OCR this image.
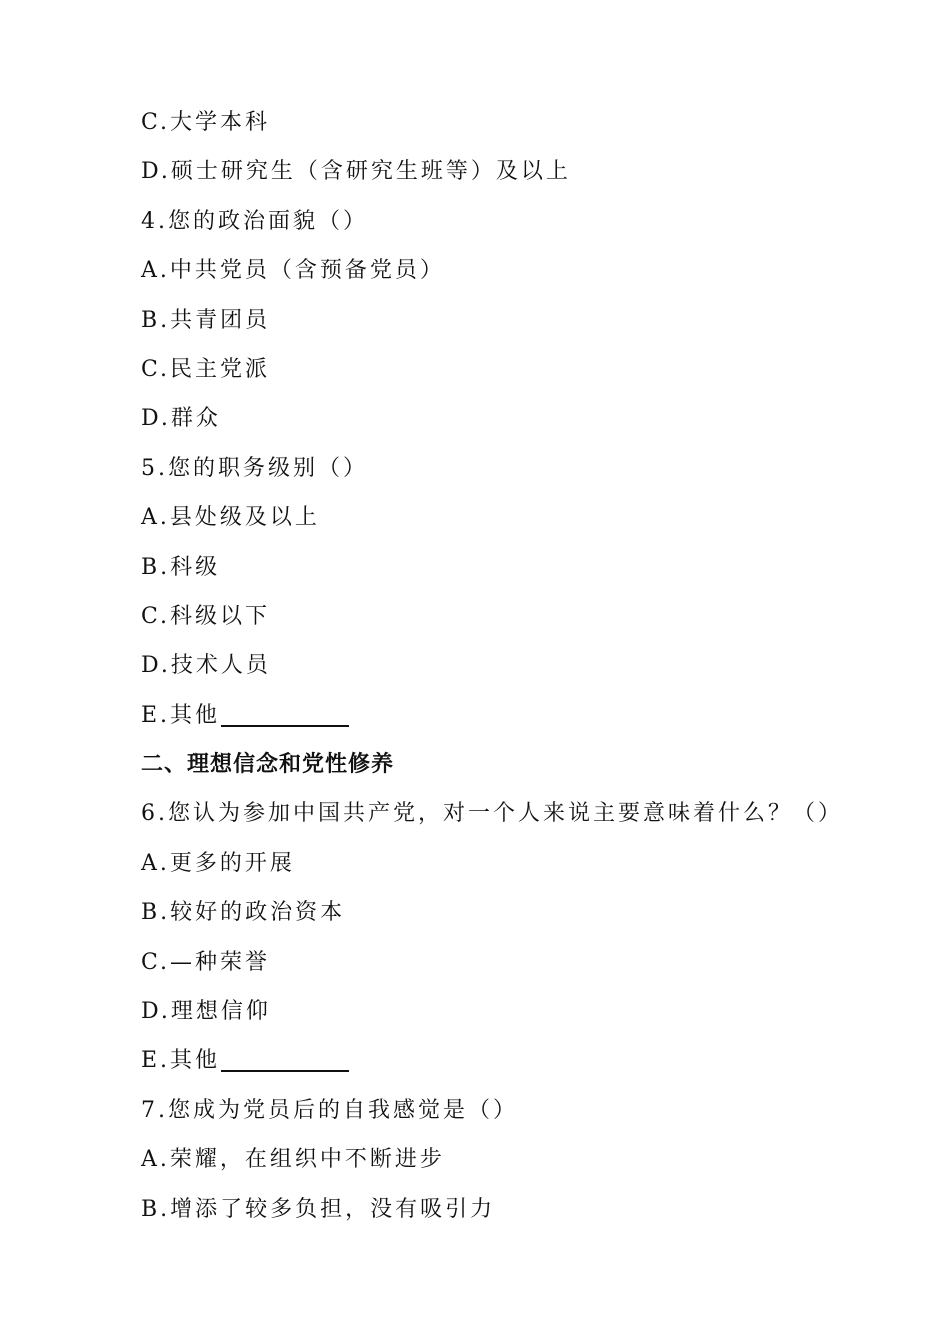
C.大学本科
D.硕士研究生（含研究生班等）及以上
4.您的政治面貌（）
A.中共党员（含预备党员）
B.共青团员
C.民主党派
D.群众
5.您的职务级别（）
A.县处级及以上
B.科级
C.科级以下
D.技术人员
E.其他
二、理想信念和党性修养
6.您认为参加中国共产党，对一个人来说主要意味着什么？（）
A.更多的开展
B.较好的政治资本
C.—种荣誉
D.理想信仰
E.其他
7.您成为党员后的自我感觉是（）
A.荣耀，在组织中不断进步
B.增添了较多负担，没有吸引力
